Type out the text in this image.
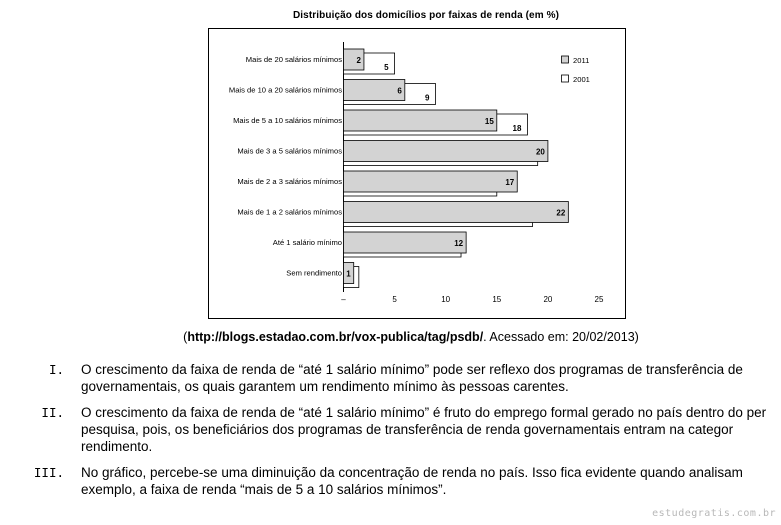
Distribuição dos domicílios por faixas de renda (em %)
5
9
18
2
6
15
20
17
22
12
1
Mais de 20 salários mínimos
Mais de 10 a 20 salários mínimos
Mais de 5 a 10 salários mínimos
Mais de 3 a 5 salários mínimos
Mais de 2 a 3 salários mínimos
Mais de 1 a 2 salários mínimos
Até 1 salário mínimo
Sem rendimento
–	5	10	15	20	25
2011
2001
(http://blogs.estadao.com.br/vox-publica/tag/psdb/. Acessado em: 20/02/2013)
I. O crescimento da faixa de renda de “até 1 salário mínimo” pode ser reflexo dos programas de transferência de
governamentais, os quais garantem um rendimento mínimo às pessoas carentes.
II. O crescimento da faixa de renda de “até 1 salário mínimo” é fruto do emprego formal gerado no país dentro do per
pesquisa, pois, os beneficiários dos programas de transferência de renda governamentais entram na categor
rendimento.
III. No gráfico, percebe-se uma diminuição da concentração de renda no país. Isso fica evidente quando analisam
exemplo, a faixa de renda “mais de 5 a 10 salários mínimos”.
estudegratis.com.br
